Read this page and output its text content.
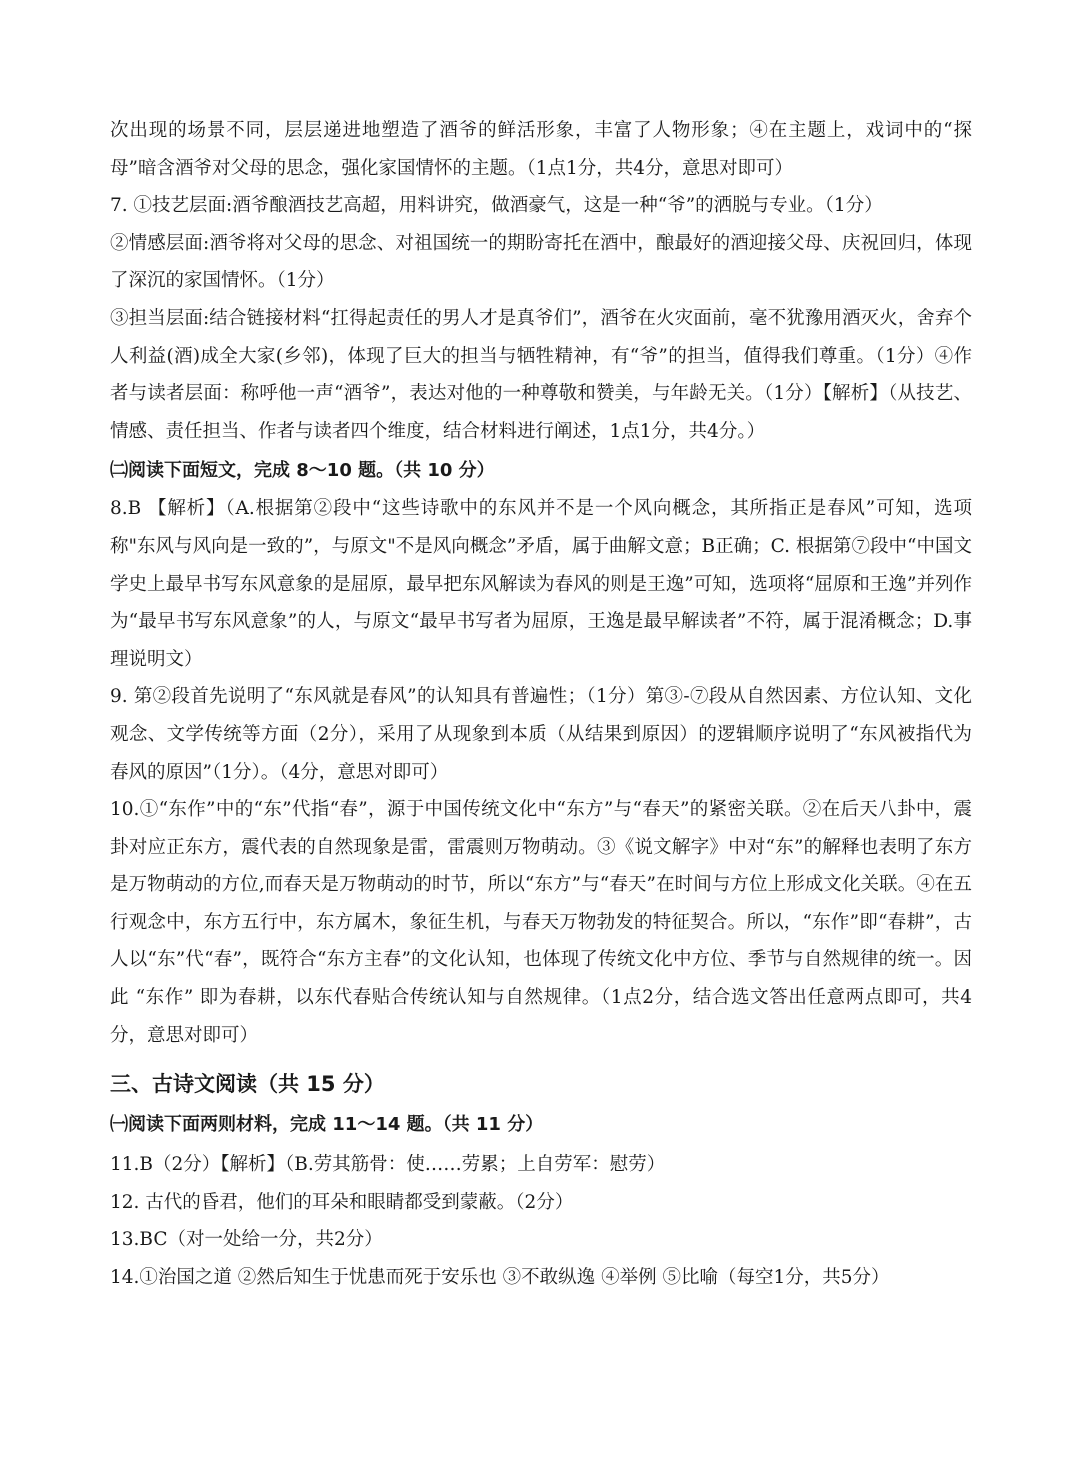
次出现的场景不同，层层递进地塑造了酒爷的鲜活形象，丰富了人物形象；④在主题上，戏词中的“探母”暗含酒爷对父母的思念，强化家国情怀的主题。（1点1分，共4分，意思对即可）

7. ①技艺层面:酒爷酿酒技艺高超，用料讲究，做酒豪气，这是一种“爷”的洒脱与专业。（1分）

②情感层面:酒爷将对父母的思念、对祖国统一的期盼寄托在酒中，酿最好的酒迎接父母、庆祝回归，体现了深沉的家国情怀。（1分）

③担当层面:结合链接材料“扛得起责任的男人才是真爷们”，酒爷在火灾面前，毫不犹豫用酒灭火，舍弃个人利益(酒)成全大家(乡邻)，体现了巨大的担当与牺牲精神，有“爷”的担当，值得我们尊重。（1分）④作者与读者层面：称呼他一声“酒爷”，表达对他的一种尊敬和赞美，与年龄无关。（1分）【解析】（从技艺、情感、责任担当、作者与读者四个维度，结合材料进行阐述，1点1分，共4分。）

㈡阅读下面短文，完成 8～10 题。（共 10 分）

8.B 【解析】（A.根据第②段中“这些诗歌中的东风并不是一个风向概念，其所指正是春风”可知，选项称"东风与风向是一致的”，与原文"不是风向概念”矛盾，属于曲解文意；B正确；C. 根据第⑦段中“中国文学史上最早书写东风意象的是屈原，最早把东风解读为春风的则是王逸”可知，选项将“屈原和王逸”并列作为“最早书写东风意象”的人，与原文“最早书写者为屈原，王逸是最早解读者”不符，属于混淆概念；D.事理说明文）

9. 第②段首先说明了“东风就是春风”的认知具有普遍性；（1分）第③-⑦段从自然因素、方位认知、文化观念、文学传统等方面（2分），采用了从现象到本质（从结果到原因）的逻辑顺序说明了“东风被指代为春风的原因”（1分）。（4分，意思对即可）

10.①“东作”中的“东”代指“春”，源于中国传统文化中“东方”与“春天”的紧密关联。②在后天八卦中，震卦对应正东方，震代表的自然现象是雷，雷震则万物萌动。③《说文解字》中对“东”的解释也表明了东方是万物萌动的方位,而春天是万物萌动的时节，所以“东方”与“春天”在时间与方位上形成文化关联。④在五行观念中，东方五行中，东方属木，象征生机，与春天万物勃发的特征契合。所以，“东作”即“春耕”，古人以“东”代“春”，既符合“东方主春”的文化认知，也体现了传统文化中方位、季节与自然规律的统一。因此 “东作” 即为春耕，以东代春贴合传统认知与自然规律。（1点2分，结合选文答出任意两点即可，共4分，意思对即可）

三、古诗文阅读（共 15 分）
㈠阅读下面两则材料，完成 11～14 题。（共 11 分）

11.B（2分）【解析】（B.劳其筋骨：使……劳累；上自劳军：慰劳）

12. 古代的昏君，他们的耳朵和眼睛都受到蒙蔽。（2分）

13.BC（对一处给一分，共2分）

14.①治国之道 ②然后知生于忧患而死于安乐也 ③不敢纵逸 ④举例 ⑤比喻（每空1分，共5分）
